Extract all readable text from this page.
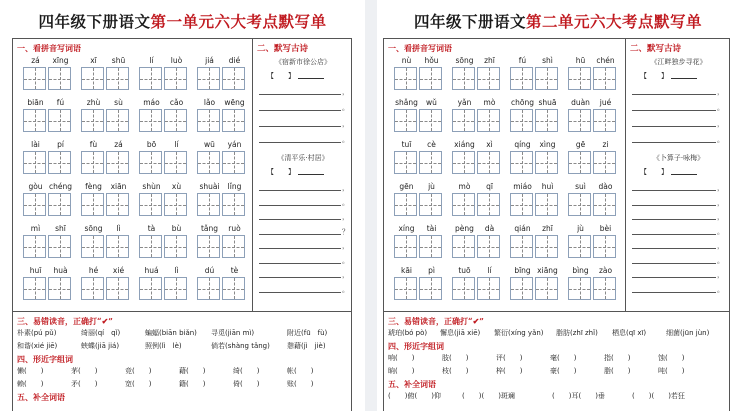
四年级下册语文第一单元六大考点默写单
一、看拼音写词语
zá	xīng	xī	shū	lí	luò	jiá	dié
biān	fú	zhù	sù	máo	cǎo	lǎo	wēng
lài	pí	fù	zá	bō	lí	wū	yán
gòu chéng	fèng	xiān	shùn	xù	shuài	lǐng
mì	shī	sōng	lì	tà	bù	tǎng	ruò
huī	huà	hé	xié	huá	lì	dú	tè
二、默写古诗
《宿新市徐公店》
【　　】
，
。
，
。
《清平乐·村居》
【　　】
，
。
，
？
，
。
，
。
三、易错读音，正确打“✔”
朴素(pú pǔ)	绮丽(qí　qǐ)	蝙蝠(biān biǎn) 寻觅(jiān mì)	附近(fū　fù)
和谐(xié jiē)	蛱蝶(jiā jiá)	照例(lì　lè)	倘若(shàng tǎng) 憩藉(jì　jiè)
四、形近字组词
懒(　　)	茅(　　)	竞(　　)	藉(　　)	绮(　　)	帐(　　)
赖(　　)	矛(　　)	宽(　　)	籍(　　)	倚(　　)	账(　　)
五、补全词语
四年级下册语文第二单元六大考点默写单
一、看拼音写词语
nù	hǒu	sōng	zhī	fú	shì	hū	chén
shǎng	wǔ	yǎn	mò	chōng shuā	duàn	jué
tuī	cè	xiáng	xì	qíng	xìng	gē	zi
gēn	jù	mò	qī	miáo	huì	suì	dào
xíng	tài	pèng	dà	qián	zhī	jù	bèi
kāi	pì	tuō	lí	bīng xiāng	bìng	zào
二、默写古诗
《江畔独步寻花》
【　　】
，
。
，
。
《卜算子·咏梅》
【　　】
，
，
，
。
，
。
，
。
三、易错读音，正确打“✔”
琥珀(bó pò) 懈息(jiā xiē) 繁衍(xíng yǎn) 脂肪(zhī zhǐ) 栖息(qī xī)	细菌(jūn jùn)
四、形近字组词
响(　　)	肢(　　)	评(　　)	毫(　　)	指(　　)	蚀(　　)
晌(　　)	枝(　　)	梓(　　)	豪(　　)	脂(　　)	吨(　　)
五、补全词语
(　　)俯(　　)仰	(　　)(　　)斑斓	(　　)耳(　　)垂	(　　)(　　)若狂
